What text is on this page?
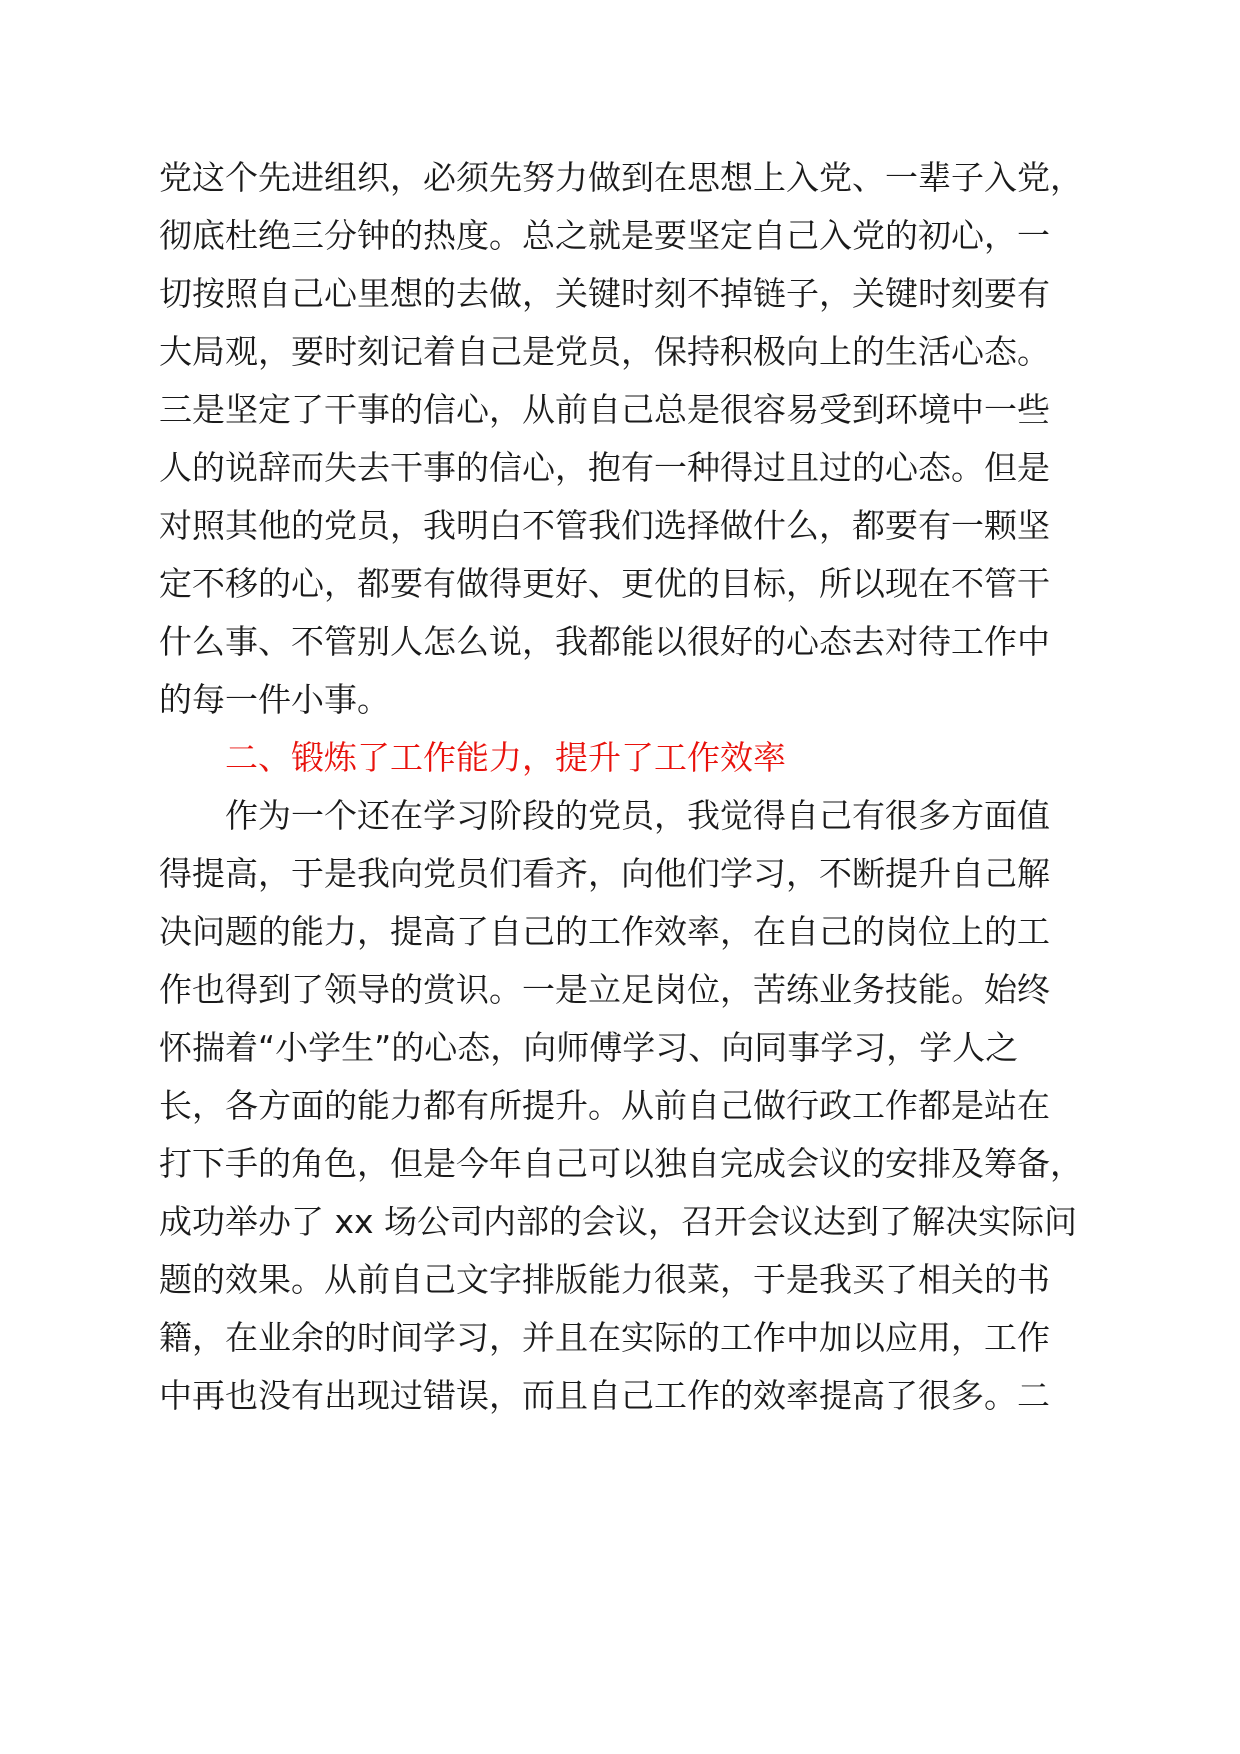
党这个先进组织，必须先努力做到在思想上入党、一辈子入党，
彻底杜绝三分钟的热度。总之就是要坚定自己入党的初心，一
切按照自己心里想的去做，关键时刻不掉链子，关键时刻要有
大局观，要时刻记着自己是党员，保持积极向上的生活心态。
三是坚定了干事的信心，从前自己总是很容易受到环境中一些
人的说辞而失去干事的信心，抱有一种得过且过的心态。但是
对照其他的党员，我明白不管我们选择做什么，都要有一颗坚
定不移的心，都要有做得更好、更优的目标，所以现在不管干
什么事、不管别人怎么说，我都能以很好的心态去对待工作中
的每一件小事。
二、锻炼了工作能力，提升了工作效率
作为一个还在学习阶段的党员，我觉得自己有很多方面值
得提高，于是我向党员们看齐，向他们学习，不断提升自己解
决问题的能力，提高了自己的工作效率，在自己的岗位上的工
作也得到了领导的赏识。一是立足岗位，苦练业务技能。始终
怀揣着“小学生”的心态，向师傅学习、向同事学习，学人之
长，各方面的能力都有所提升。从前自己做行政工作都是站在
打下手的角色，但是今年自己可以独自完成会议的安排及筹备，
成功举办了 xx 场公司内部的会议，召开会议达到了解决实际问
题的效果。从前自己文字排版能力很菜，于是我买了相关的书
籍，在业余的时间学习，并且在实际的工作中加以应用，工作
中再也没有出现过错误，而且自己工作的效率提高了很多。二
